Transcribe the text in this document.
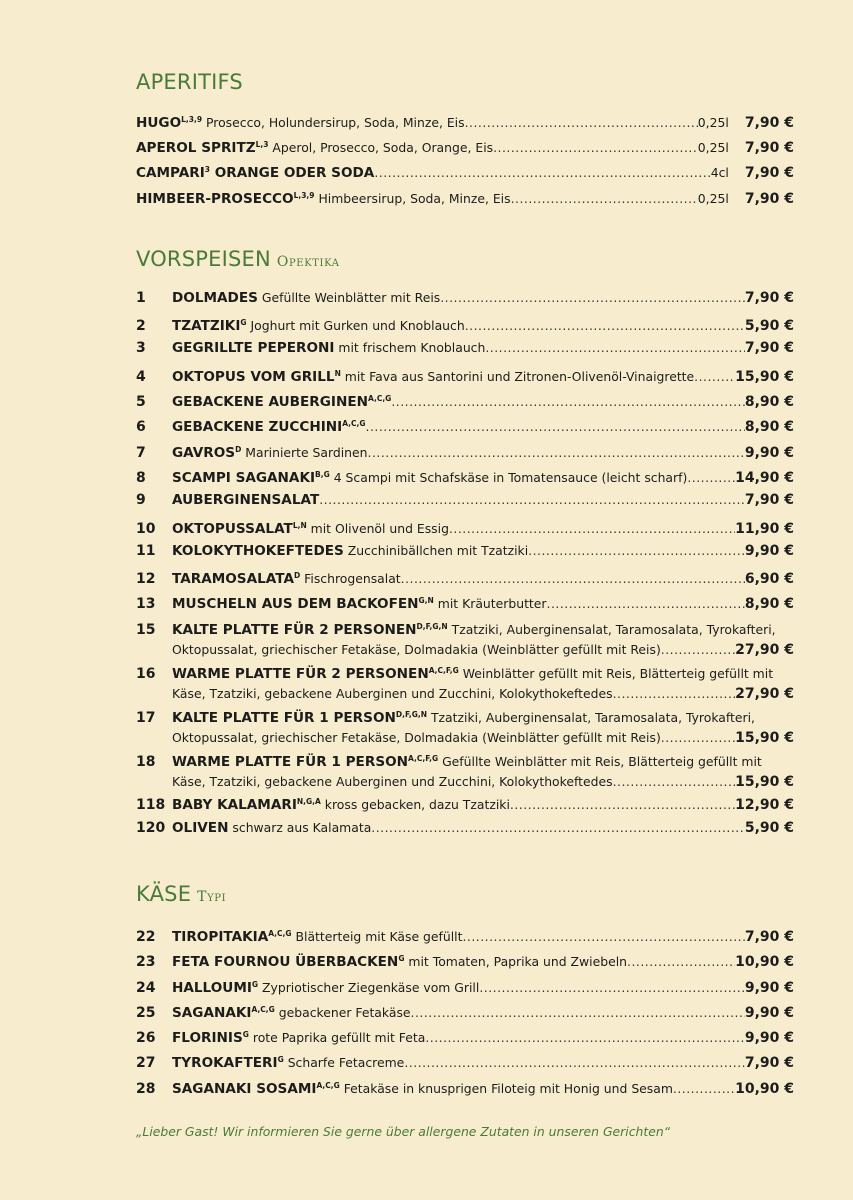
APERITIFS
$HUGO^{L,3,9}$ Prosecco, Holundersirup, Soda, Minze, Eis .....	0,25l 7,90 €
APEROL $SPRITZ^{L,3}$ Aperol, Prosecco, Soda, Orange, Eis .....	0,25l 7,90 €
CAMPARI$^3$ ORANGE ODER SODA .....	4cl 7,90 €
HIMBEER-$PROSECCO^{L,3,9}$ Himbeersirup, Soda, Minze, Eis .....	0,25l 7,90 €
VORSPEISEN Opektika
1	DOLMADES Gefüllte Weinblätter mit Reis .....	7,90 €
2	$TZATZIKI^G$ Joghurt mit Gurken und Knoblauch .....	5,90 €
3	GEGRILLTE PEPERONI mit frischem Knoblauch .....	7,90 €
4	OKTOPUS VOM $GRILL^N$ mit Fava aus Santorini und Zitronen-Olivenöl-Vinaigrette .....	15,90 €
5	GEBACKENE $AUBERGINEN^{A,C,G}$ .....	8,90 €
6	GEBACKENE $ZUCCHINI^{A,C,G}$ .....	8,90 €
7	$GAVROS^D$ Marinierte Sardinen .....	9,90 €
8	SCAMPI $SAGANAKI^{B,G}$ 4 Scampi mit Schafskäse in Tomatensauce (leicht scharf) .....	14,90 €
9	AUBERGINENSALAT .....	7,90 €
10	$OKTOPUSSALAT^{L,N}$ mit Olivenöl und Essig .....	11,90 €
11	KOLOKYTHOKEFTEDES Zucchinibällchen mit Tzatziki .....	9,90 €
12	$TARAMOSALATA^D$ Fischrogensalat .....	6,90 €
13	MUSCHELN AUS DEM $BACKOFEN^{G,N}$ mit Kräuterbutter .....	8,90 €
15	KALTE PLATTE FÜR 2 $PERSONEN^{D,F,G,N}$ Tzatziki, Auberginensalat, Taramosalata, Tyrokafteri,
Oktopussalat, griechischer Fetakäse, Dolmadakia (Weinblätter gefüllt mit Reis) .....	27,90 €
16	WARME PLATTE FÜR 2 $PERSONEN^{A,C,F,G}$ Weinblätter gefüllt mit Reis, Blätterteig gefüllt mit
Käse, Tzatziki, gebackene Auberginen und Zucchini, Kolokythokeftedes .....	27,90 €
17	KALTE PLATTE FÜR 1 $PERSON^{D,F,G,N}$ Tzatziki, Auberginensalat, Taramosalata, Tyrokafteri,
Oktopussalat, griechischer Fetakäse, Dolmadakia (Weinblätter gefüllt mit Reis) .....	15,90 €
18	WARME PLATTE FÜR 1 $PERSON^{A,C,F,G}$ Gefüllte Weinblätter mit Reis, Blätterteig gefüllt mit
Käse, Tzatziki, gebackene Auberginen und Zucchini, Kolokythokeftedes .....	15,90 €
118 BABY $KALAMARI^{N,G,A}$ kross gebacken, dazu Tzatziki .....	12,90 €
120 OLIVEN schwarz aus Kalamata .....	5,90 €
KÄSE Typi
22	$TIROPITAKIA^{A,C,G}$ Blätterteig mit Käse gefüllt .....	7,90 €
23	FETA FOURNOU $ÜBERBACKEN^G$ mit Tomaten, Paprika und Zwiebeln .....	10,90 €
24	$HALLOUMI^G$ Zypriotischer Ziegenkäse vom Grill .....	9,90 €
25	$SAGANAKI^{A,C,G}$ gebackener Fetakäse .....	9,90 €
26	$FLORINIS^G$ rote Paprika gefüllt mit Feta .....	9,90 €
27	$TYROKAFTERI^G$ Scharfe Fetacreme .....	7,90 €
28	SAGANAKI $SOSAMI^{A,C,G}$ Fetakäse in knusprigen Filoteig mit Honig und Sesam .....	10,90 €
„Lieber Gast! Wir informieren Sie gerne über allergene Zutaten in unseren Gerichten“
